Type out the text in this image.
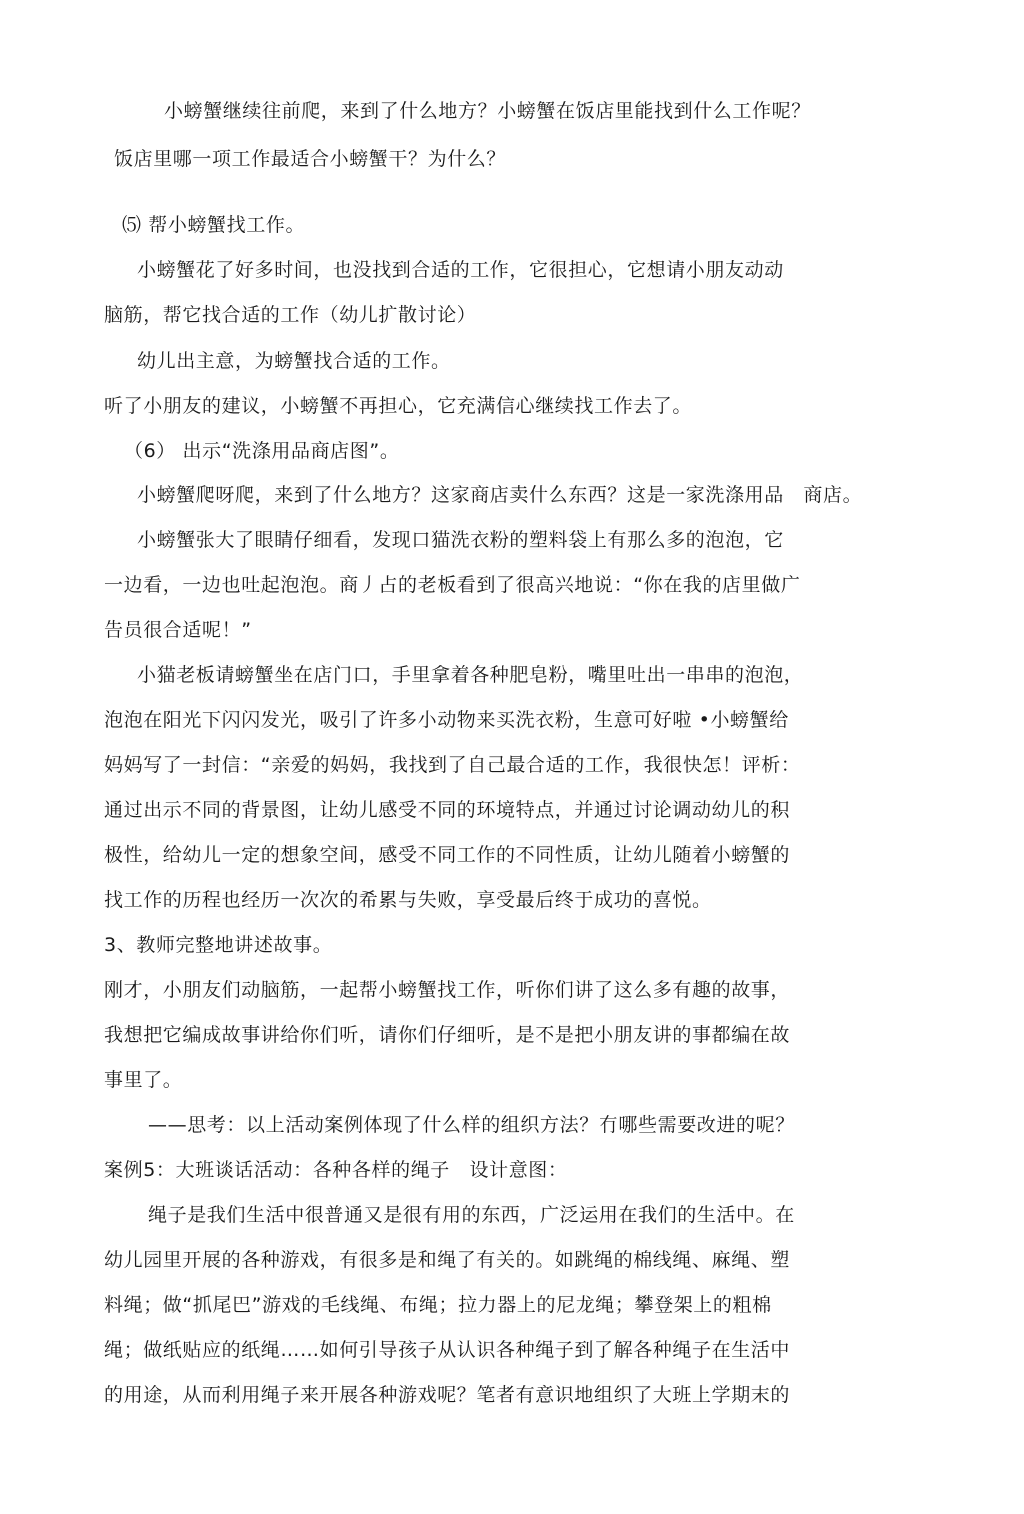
小螃蟹继续往前爬，来到了什么地方？小螃蟹在饭店里能找到什么工作呢？
饭店里哪一项工作最适合小螃蟹干？为什么？
⑸ 帮小螃蟹找工作。
小螃蟹花了好多时间，也没找到合适的工作，它很担心，它想请小朋友动动
脑筋，帮它找合适的工作（幼儿扩散讨论）
幼儿出主意，为螃蟹找合适的工作。
听了小朋友的建议，小螃蟹不再担心，它充满信心继续找工作去了。
（6） 出示“洗涤用品商店图”。
小螃蟹爬呀爬，来到了什么地方？这家商店卖什么东西？这是一家洗涤用品　商店。
小螃蟹张大了眼睛仔细看，发现口猫洗衣粉的塑料袋上有那么多的泡泡，它
一边看，一边也吐起泡泡。商丿占的老板看到了很高兴地说：“你在我的店里做广
告员很合适呢！”
小猫老板请螃蟹坐在店门口，手里拿着各种肥皂粉，嘴里吐出一串串的泡泡，
泡泡在阳光下闪闪发光，吸引了许多小动物来买洗衣粉，生意可好啦 •小螃蟹给
妈妈写了一封信：“亲爱的妈妈，我找到了自己最合适的工作，我很快怎！评析：
通过出示不同的背景图，让幼儿感受不同的环境特点，并通过讨论调动幼儿的积
极性，给幼儿一定的想象空间，感受不同工作的不同性质，让幼儿随着小螃蟹的
找工作的历程也经历一次次的希累与失败，享受最后终于成功的喜悦。
3、教师完整地讲述故事。
刚才，小朋友们动脑筋，一起帮小螃蟹找工作，听你们讲了这么多有趣的故事，
我想把它编成故事讲给你们听，请你们仔细听，是不是把小朋友讲的事都编在故
事里了。
——思考：以上活动案例体现了什么样的组织方法？冇哪些需要改进的呢？
案例5：大班谈话活动：各种各样的绳子　设计意图：
绳子是我们生活中很普通又是很有用的东西，广泛运用在我们的生活中。在
幼儿园里开展的各种游戏，有很多是和绳了有关的。如跳绳的棉线绳、麻绳、塑
料绳；做“抓尾巴”游戏的毛线绳、布绳；拉力器上的尼龙绳；攀登架上的粗棉
绳；做纸贴应的纸绳……如何引导孩子从认识各种绳子到了解各种绳子在生活中
的用途，从而利用绳子来开展各种游戏呢？笔者有意识地组织了大班上学期末的
